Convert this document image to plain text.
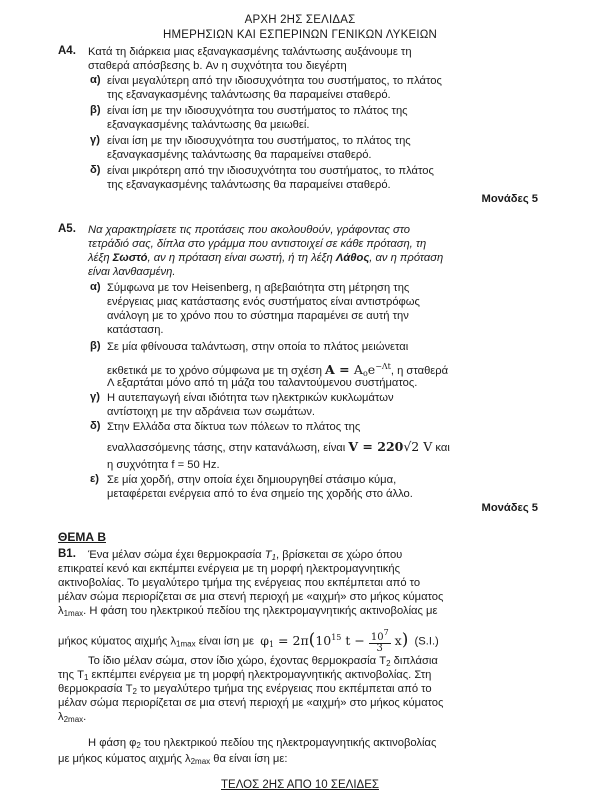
ΑΡΧΗ 2ΗΣ ΣΕΛΙΔΑΣ
ΗΜΕΡΗΣΙΩΝ ΚΑΙ ΕΣΠΕΡΙΝΩΝ ΓΕΝΙΚΩΝ ΛΥΚΕΙΩΝ
Α4. Κατά τη διάρκεια μιας εξαναγκασμένης ταλάντωσης αυξάνουμε τη
σταθερά απόσβεσης b. Αν η συχνότητα του διεγέρτη
α) είναι μεγαλύτερη από την ιδιοσυχνότητα του συστήματος, το πλάτος
της εξαναγκασμένης ταλάντωσης θα παραμείνει σταθερό.
β) είναι ίση με την ιδιοσυχνότητα του συστήματος το πλάτος της
εξαναγκασμένης ταλάντωσης θα μειωθεί.
γ) είναι ίση με την ιδιοσυχνότητα του συστήματος, το πλάτος της
εξαναγκασμένης ταλάντωσης θα παραμείνει σταθερό.
δ) είναι μικρότερη από την ιδιοσυχνότητα του συστήματος, το πλάτος
της εξαναγκασμένης ταλάντωσης θα παραμείνει σταθερό.
Μονάδες 5
Α5. Να χαρακτηρίσετε τις προτάσεις που ακολουθούν, γράφοντας στο
τετράδιό σας, δίπλα στο γράμμα που αντιστοιχεί σε κάθε πρόταση, τη
λέξη Σωστό, αν η πρόταση είναι σωστή, ή τη λέξη Λάθος, αν η πρόταση
είναι λανθασμένη.
α) Σύμφωνα με τον Heisenberg, η αβεβαιότητα στη μέτρηση της
ενέργειας μιας κατάστασης ενός συστήματος είναι αντιστρόφως
ανάλογη με το χρόνο που το σύστημα παραμένει σε αυτή την
κατάσταση.
β) Σε μία φθίνουσα ταλάντωση, στην οποία το πλάτος μειώνεται
εκθετικά με το χρόνο σύμφωνα με τη σχέση $A = A_oe^{-\Lambda t}$, η σταθερά
Λ εξαρτάται μόνο από τη μάζα του ταλαντούμενου συστήματος.
γ) Η αυτεπαγωγή είναι ιδιότητα των ηλεκτρικών κυκλωμάτων
αντίστοιχη με την αδράνεια των σωμάτων.
δ) Στην Ελλάδα στα δίκτυα των πόλεων το πλάτος της
εναλλασσόμενης τάσης, στην κατανάλωση, είναι V = 220√2 V και
η συχνότητα f = 50 Hz.
ε) Σε μία χορδή, στην οποία έχει δημιουργηθεί στάσιμο κύμα,
μεταφέρεται ενέργεια από το ένα σημείο της χορδής στο άλλο.
Μονάδες 5
ΘΕΜΑ Β
Β1. Ένα μέλαν σώμα έχει θερμοκρασία $T_1$, βρίσκεται σε χώρο όπου
επικρατεί κενό και εκπέμπει ενέργεια με τη μορφή ηλεκτρομαγνητικής
ακτινοβολίας. Το μεγαλύτερο τμήμα της ενέργειας που εκπέμπεται από το
μέλαν σώμα περιορίζεται σε μια στενή περιοχή με «αιχμή» στο μήκος κύματος
$\lambda_{1max}$. Η φάση του ηλεκτρικού πεδίου της ηλεκτρομαγνητικής ακτινοβολίας με
μήκος κύματος αιχμής $\lambda_{1max}$ είναι ίση με $\varphi_1 = 2\pi(10^{15}$ $t - \frac{10^7}{3} x$) (S.I.)
Το ίδιο μέλαν σώμα, στον ίδιο χώρο, έχοντας θερμοκρασία $T_2$ διπλάσια
της $T_1$ εκπέμπει ενέργεια με τη μορφή ηλεκτρομαγνητικής ακτινοβολίας. Στη
θερμοκρασία $T_2$ το μεγαλύτερο τμήμα της ενέργειας που εκπέμπεται από το
μέλαν σώμα περιορίζεται σε μια στενή περιοχή με «αιχμή» στο μήκος κύματος
$\lambda_{2max}$.
Η φάση $\varphi_2$ του ηλεκτρικού πεδίου της ηλεκτρομαγνητικής ακτινοβολίας
με μήκος κύματος αιχμής $\lambda_{2max}$ θα είναι ίση με:
ΤΕΛΟΣ 2ΗΣ ΑΠΟ 10 ΣΕΛΙΔΕΣ
